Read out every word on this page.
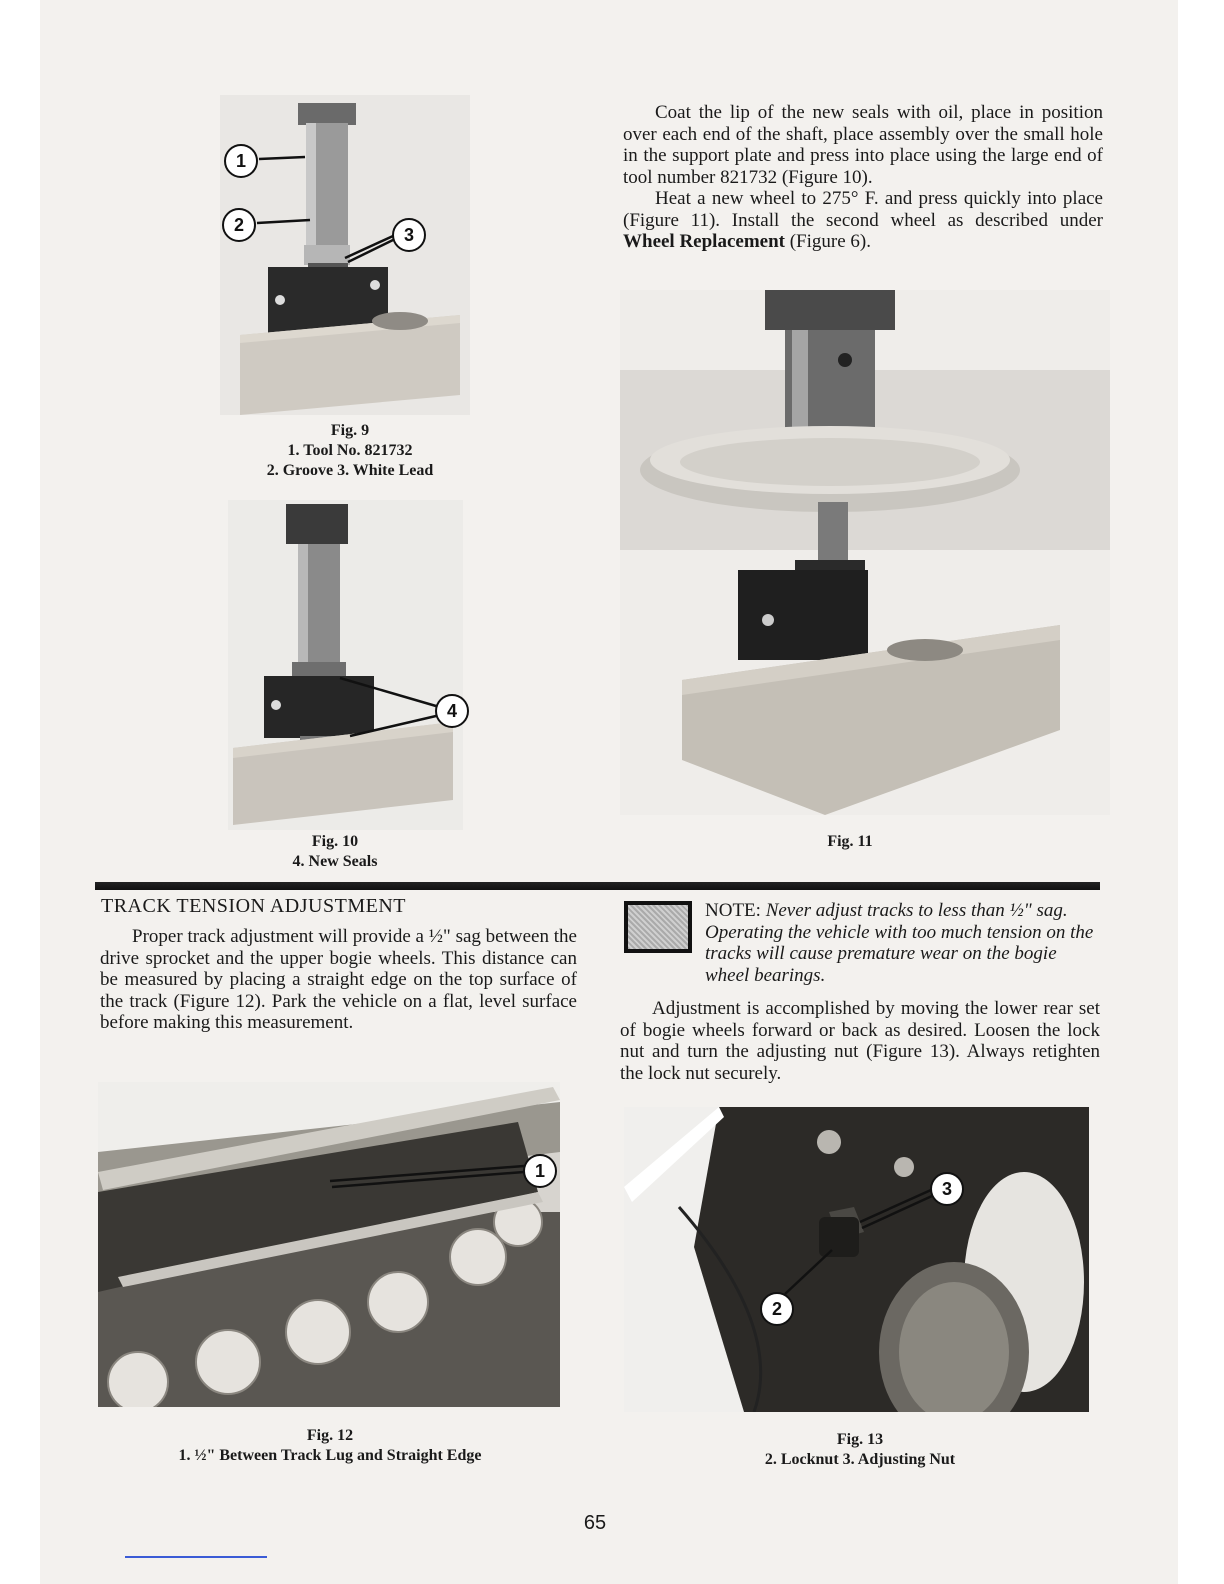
1
2	3
Fig. 9
1. Tool No. 821732
2. Groove 3. White Lead
4
Fig. 10
4. New Seals

Coat the lip of the new seals with oil, place in position over each end of the shaft, place assembly over the small hole in the support plate and press into place using the large end of tool number 821732 (Figure 10).

Heat a new wheel to 275° F. and press quickly into place (Figure 11). Install the second wheel as described under Wheel Replacement (Figure 6).

Fig. 11
TRACK TENSION ADJUSTMENT

Proper track adjustment will provide a ½" sag between the drive sprocket and the upper bogie wheels. This distance can be measured by placing a straight edge on the top surface of the track (Figure 12). Park the vehicle on a flat, level surface before making this measurement.

NOTE: Never adjust tracks to less than ½" sag. Operating the vehicle with too much tension on the tracks will cause premature wear on the bogie wheel bearings.

Adjustment is accomplished by moving the lower rear set of bogie wheels forward or back as desired. Loosen the lock nut and turn the adjusting nut (Figure 13). Always retighten the lock nut securely.

1
Fig. 12
1. ½" Between Track Lug and Straight Edge
3
2
Fig. 13
2. Locknut 3. Adjusting Nut
65
